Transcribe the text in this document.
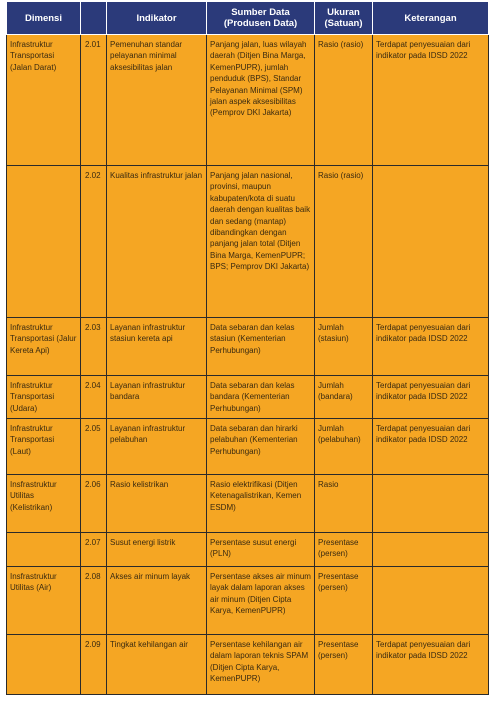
Dimensi		Indikator	Sumber Data (Produsen Data)	Ukuran (Satuan)	Keterangan
Infrastruktur Transportasi (Jalan Darat)	2.01	Pemenuhan standar pelayanan minimal aksesibilitas jalan	Panjang jalan, luas wilayah daerah (Ditjen Bina Marga, KemenPUPR), jumlah penduduk (BPS), Standar Pelayanan Minimal (SPM) jalan aspek aksesibilitas (Pemprov DKI Jakarta)	Rasio (rasio)	Terdapat penyesuaian dari indikator pada IDSD 2022
	2.02	Kualitas infrastruktur jalan	Panjang jalan nasional, provinsi, maupun kabupaten/kota di suatu daerah dengan kualitas baik dan sedang (mantap) dibandingkan dengan panjang jalan total (Ditjen Bina Marga, KemenPUPR; BPS; Pemprov DKI Jakarta)	Rasio (rasio)	
Infrastruktur Transportasi (Jalur Kereta Api)	2.03	Layanan infrastruktur stasiun kereta api	Data sebaran dan kelas stasiun (Kementerian Perhubungan)	Jumlah (stasiun)	Terdapat penyesuaian dari indikator pada IDSD 2022
Infrastruktur Transportasi (Udara)	2.04	Layanan infrastruktur bandara	Data sebaran dan kelas bandara (Kementerian Perhubungan)	Jumlah (bandara)	Terdapat penyesuaian dari indikator pada IDSD 2022
Infrastruktur Transportasi (Laut)	2.05	Layanan infrastruktur pelabuhan	Data sebaran dan hirarki pelabuhan (Kementerian Perhubungan)	Jumlah (pelabuhan)	Terdapat penyesuaian dari indikator pada IDSD 2022
Insfrastruktur Utilitas (Kelistrikan)	2.06	Rasio kelistrikan	Rasio elektrifikasi (Ditjen Ketenagalistrikan, Kemen ESDM)	Rasio	
	2.07	Susut energi listrik	Persentase susut energi (PLN)	Presentase (persen)	
Insfrastruktur Utilitas (Air)	2.08	Akses air minum layak	Persentase akses air minum layak dalam laporan akses air minum (Ditjen Cipta Karya, KemenPUPR)	Presentase (persen)	
	2.09	Tingkat kehilangan air	Persentase kehilangan air dalam laporan teknis SPAM (Ditjen Cipta Karya, KemenPUPR)	Presentase (persen)	Terdapat penyesuaian dari indikator pada IDSD 2022
